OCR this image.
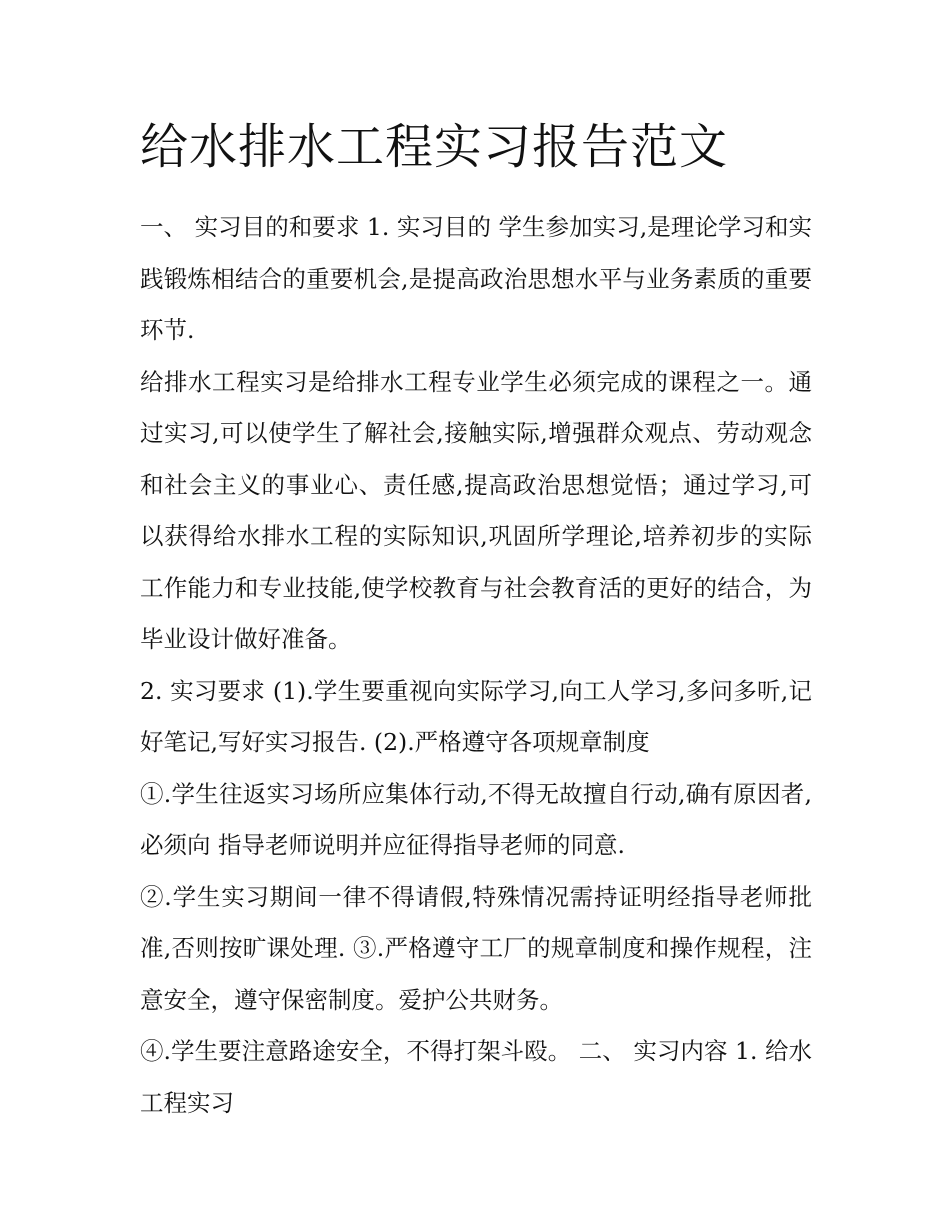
给水排水工程实习报告范文

一、 实习目的和要求 1. 实习目的 学生参加实习,是理论学习和实践锻炼相结合的重要机会,是提高政治思想水平与业务素质的重要环节.

给排水工程实习是给排水工程专业学生必须完成的课程之一。通过实习,可以使学生了解社会,接触实际,增强群众观点、劳动观念和社会主义的事业心、责任感,提高政治思想觉悟；通过学习,可以获得给水排水工程的实际知识,巩固所学理论,培养初步的实际工作能力和专业技能,使学校教育与社会教育活的更好的结合，为毕业设计做好准备。

2. 实习要求 (1).学生要重视向实际学习,向工人学习,多问多听,记好笔记,写好实习报告. (2).严格遵守各项规章制度

①.学生往返实习场所应集体行动,不得无故擅自行动,确有原因者,必须向 指导老师说明并应征得指导老师的同意.

②.学生实习期间一律不得请假,特殊情况需持证明经指导老师批准,否则按旷课处理. ③.严格遵守工厂的规章制度和操作规程，注意安全，遵守保密制度。爱护公共财务。

④.学生要注意路途安全，不得打架斗殴。 二、 实习内容 1. 给水工程实习
